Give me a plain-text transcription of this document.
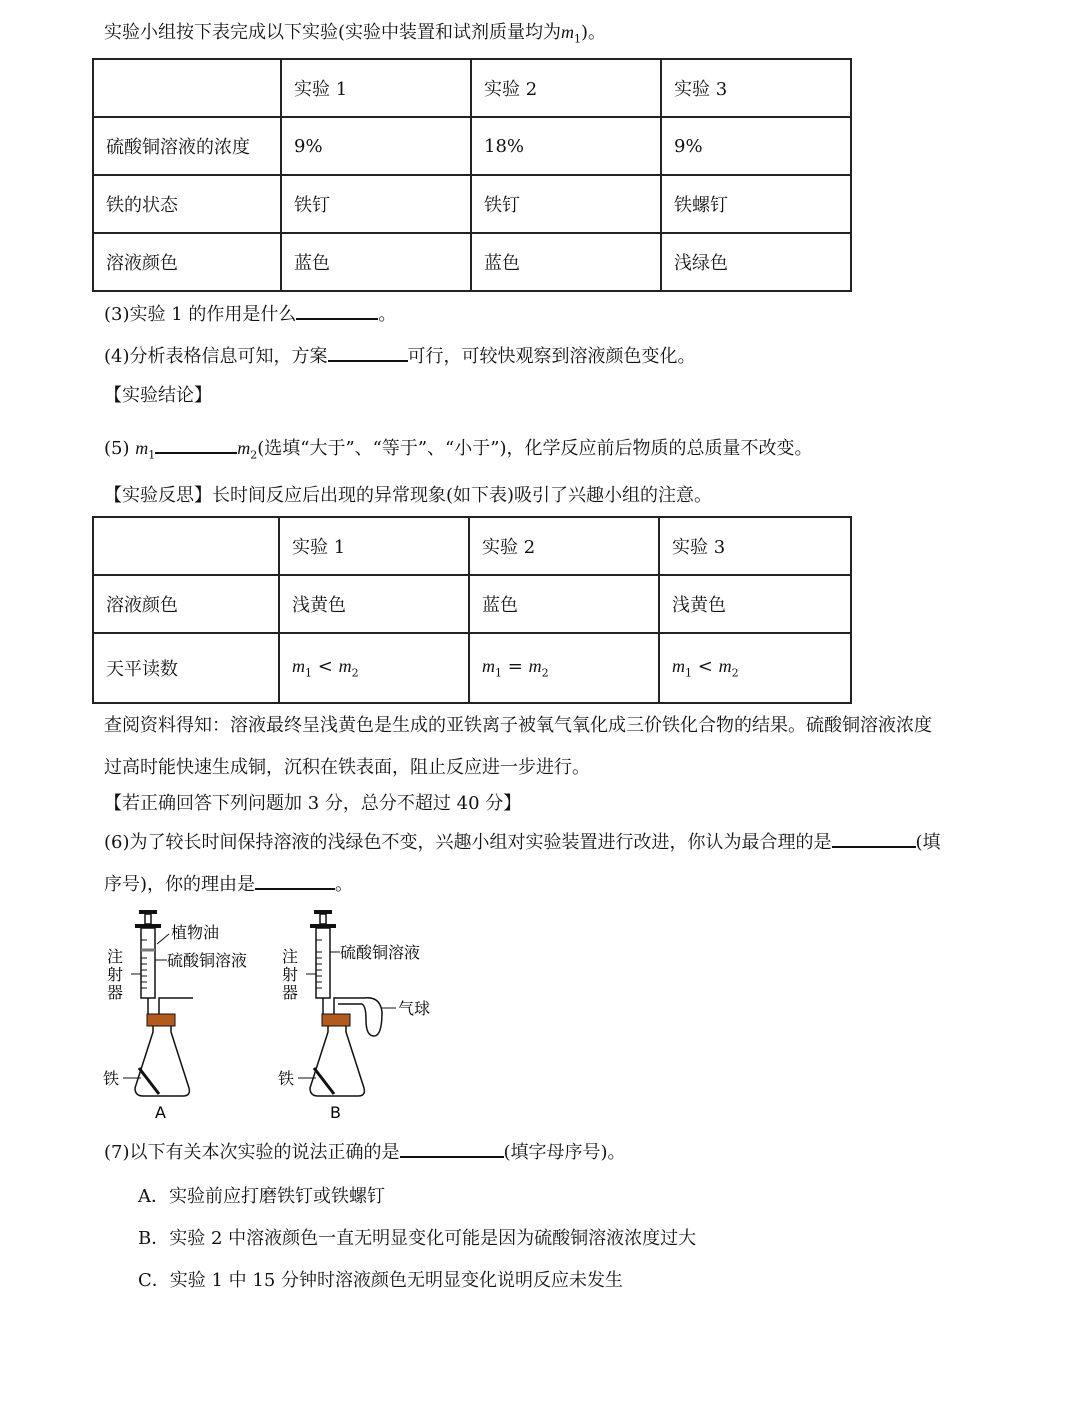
实验小组按下表完成以下实验(实验中装置和试剂质量均为$m_1$)。
	实验 1	实验 2	实验 3
硫酸铜溶液的浓度	9%	18%	9%
铁的状态	铁钉	铁钉	铁螺钉
溶液颜色	蓝色	蓝色	浅绿色
(3)实验 1 的作用是什么	。
(4)分析表格信息可知，方案	可行，可较快观察到溶液颜色变化。
【实验结论】
(5) $m_1$	$m_2$(选填“大于”、“等于”、“小于”)，化学反应前后物质的总质量不改变。
【实验反思】长时间反应后出现的异常现象(如下表)吸引了兴趣小组的注意。
	实验 1	实验 2	实验 3
溶液颜色	浅黄色	蓝色	浅黄色
天平读数	$m_1 < m_2$	$m_1 = m_2$	$m_1 < m_2$
查阅资料得知：溶液最终呈浅黄色是生成的亚铁离子被氧气氧化成三价铁化合物的结果。硫酸铜溶液浓度
过高时能快速生成铜，沉积在铁表面，阻止反应进一步进行。
【若正确回答下列问题加 3 分，总分不超过 40 分】
(6)为了较长时间保持溶液的浅绿色不变，兴趣小组对实验装置进行改进，你认为最合理的是	(填
序号)，你的理由是	。
植物油
硫酸铜溶液
注
射
器
铁
A
硫酸铜溶液
注
射
器
气球
铁
B
(7)以下有关本次实验的说法正确的是	(填字母序号)。
A．实验前应打磨铁钉或铁螺钉
B．实验 2 中溶液颜色一直无明显变化可能是因为硫酸铜溶液浓度过大
C．实验 1 中 15 分钟时溶液颜色无明显变化说明反应未发生
